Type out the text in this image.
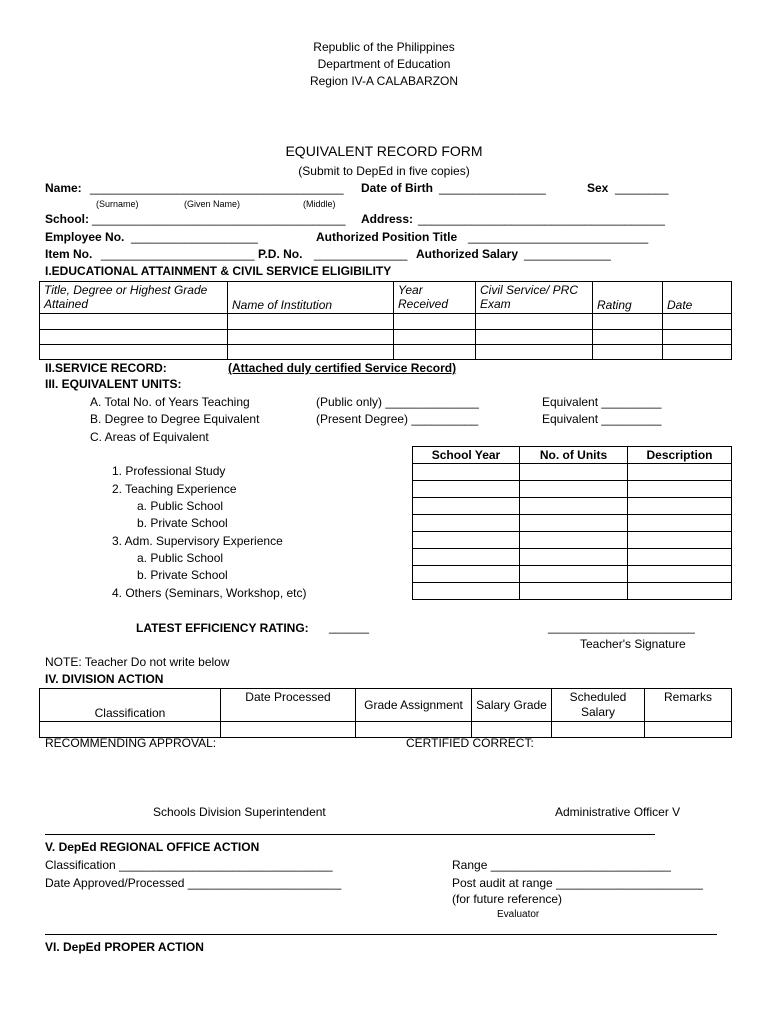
Republic of the Philippines
Department of Education
Region IV-A CALABARZON
EQUIVALENT RECORD FORM
(Submit to DepEd in five copies)
Name: ______________________________________ Date of Birth ________________	Sex ________
(Surname)	(Given Name)	(Middle)
School: ______________________________________ Address: _____________________________________
Employee No. ___________________	Authorized Position Title ___________________________
Item No. _______________________ P.D. No. ______________ Authorized Salary _____________
I.EDUCATIONAL ATTAINMENT & CIVIL SERVICE ELIGIBILITY
Title, Degree or Highest Grade Attained	Name of Institution	Year Received	Civil Service/ PRC Exam	Rating	Date

II.SERVICE RECORD:	(Attached duly certified Service Record)
III. EQUIVALENT UNITS:
A. Total No. of Years Teaching	(Public only) ______________	Equivalent _________
B. Degree to Degree Equivalent	(Present Degree) __________	Equivalent _________
C. Areas of Equivalent
1. Professional Study
2. Teaching Experience
a. Public School
b. Private School
3. Adm. Supervisory Experience
a. Public School
b. Private School
4. Others (Seminars, Workshop, etc)
School Year	No. of Units	Description

LATEST EFFICIENCY RATING: ______	______________________
Teacher's Signature
NOTE: Teacher Do not write below
IV. DIVISION ACTION
Classification	Date Processed	Grade Assignment	Salary Grade	Scheduled Salary	Remarks

RECOMMENDING APPROVAL:	CERTIFIED CORRECT:
Schools Division Superintendent	Administrative Officer V
V. DepEd REGIONAL OFFICE ACTION
Classification ________________________________	Range ___________________________
Date Approved/Processed _______________________	Post audit at range ______________________
(for future reference)
Evaluator
VI. DepEd PROPER ACTION
